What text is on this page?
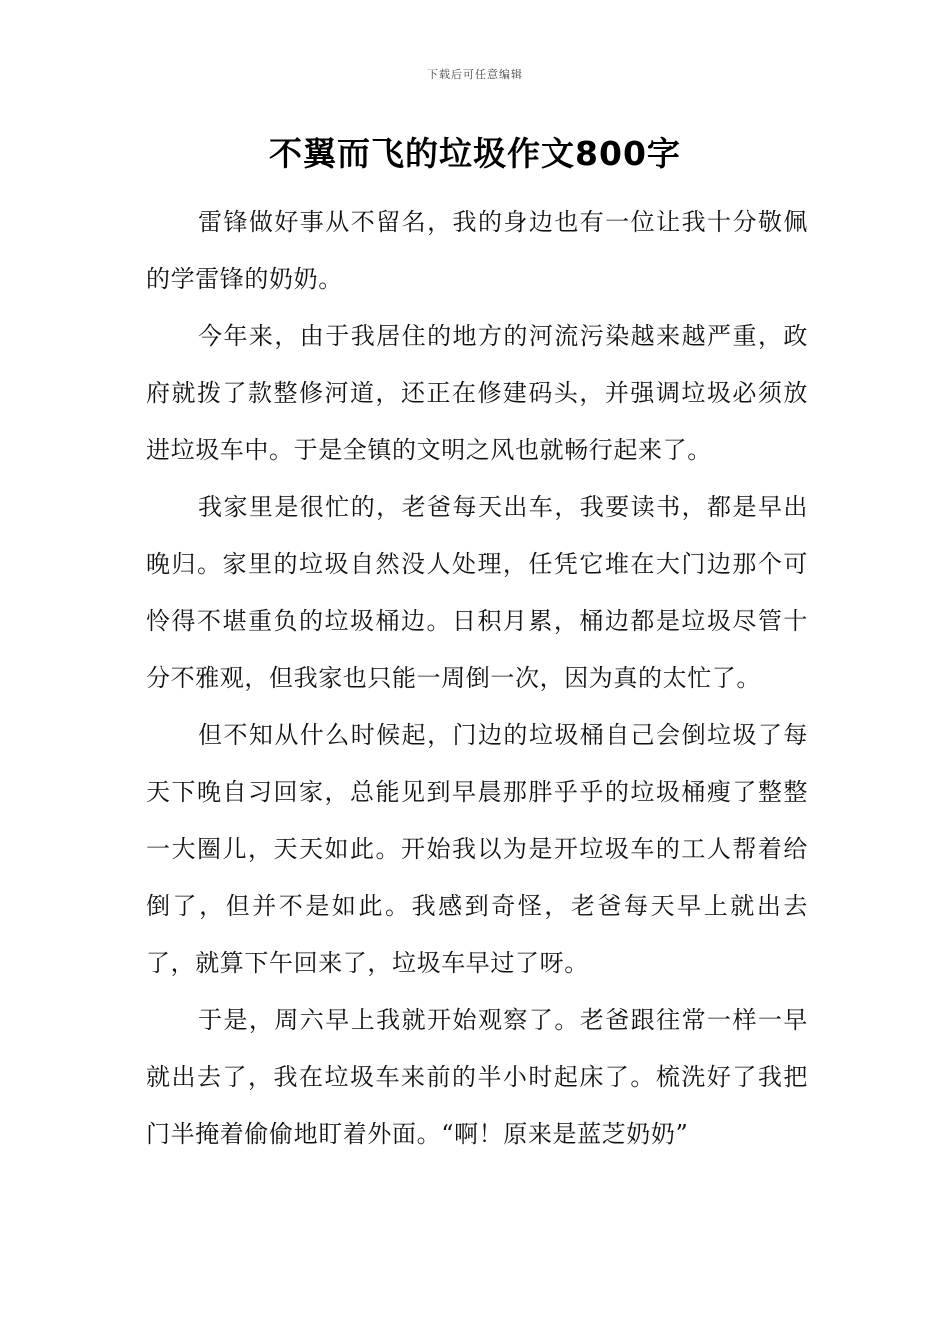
下载后可任意编辑
不翼而飞的垃圾作文800字

雷锋做好事从不留名，我的身边也有一位让我十分敬佩的学雷锋的奶奶。

今年来，由于我居住的地方的河流污染越来越严重，政府就拨了款整修河道，还正在修建码头，并强调垃圾必须放进垃圾车中。于是全镇的文明之风也就畅行起来了。

我家里是很忙的，老爸每天出车，我要读书，都是早出晚归。家里的垃圾自然没人处理，任凭它堆在大门边那个可怜得不堪重负的垃圾桶边。日积月累，桶边都是垃圾尽管十分不雅观，但我家也只能一周倒一次，因为真的太忙了。

但不知从什么时候起，门边的垃圾桶自己会倒垃圾了每天下晚自习回家，总能见到早晨那胖乎乎的垃圾桶瘦了整整一大圈儿，天天如此。开始我以为是开垃圾车的工人帮着给倒了，但并不是如此。我感到奇怪，老爸每天早上就出去了，就算下午回来了，垃圾车早过了呀。

于是，周六早上我就开始观察了。老爸跟往常一样一早就出去了，我在垃圾车来前的半小时起床了。梳洗好了我把门半掩着偷偷地盯着外面。“啊！原来是蓝芝奶奶”
